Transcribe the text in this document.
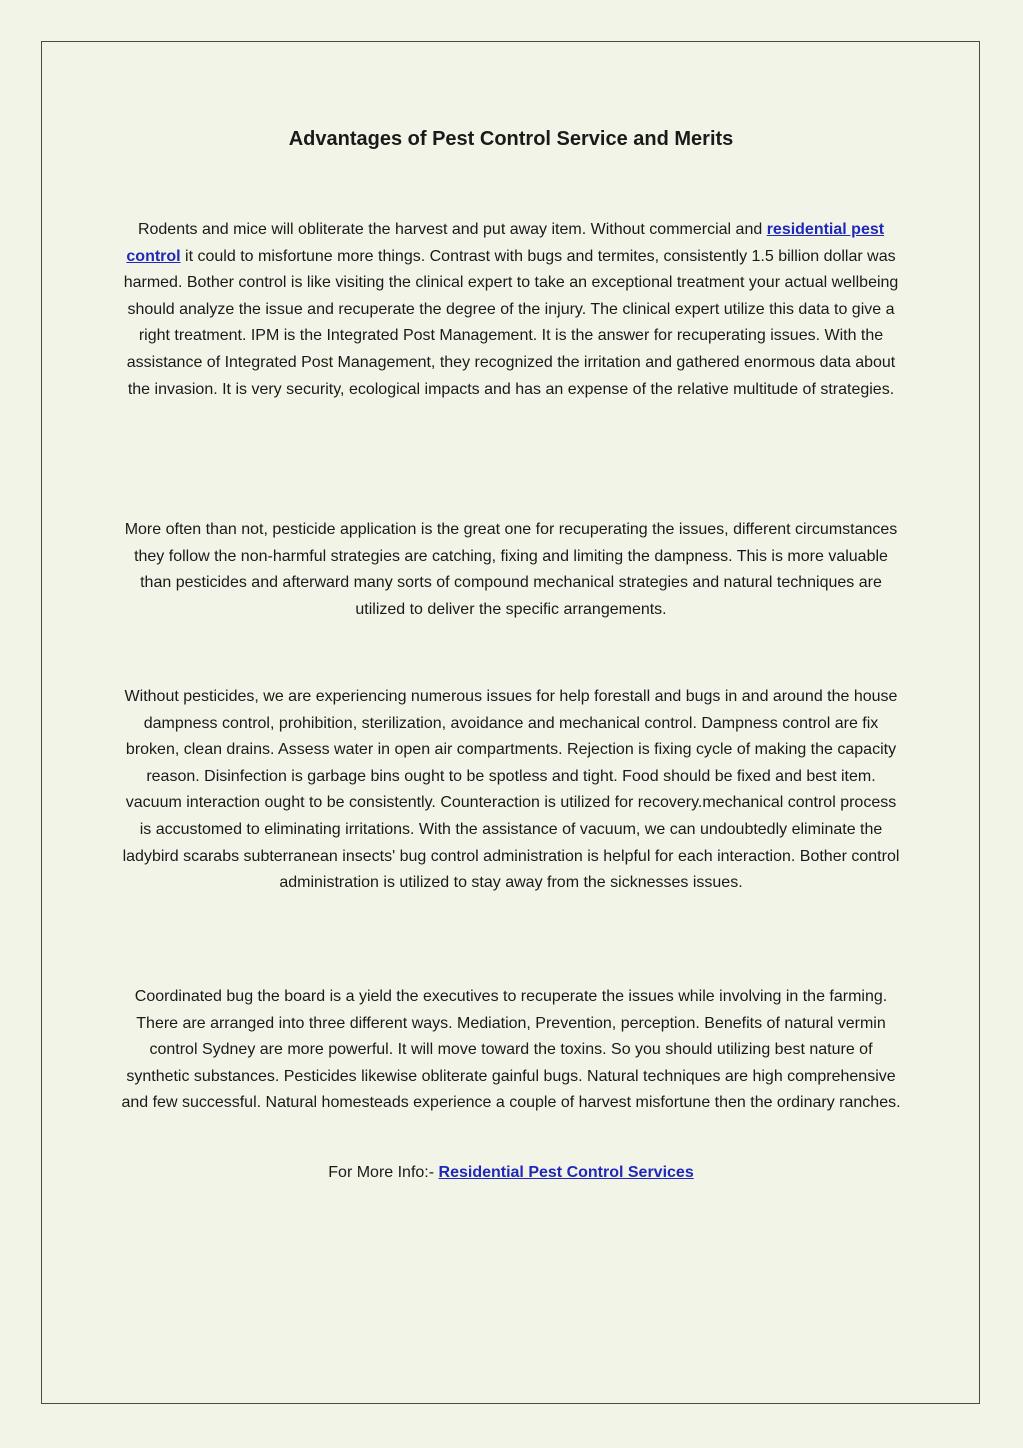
Advantages of Pest Control Service and Merits

Rodents and mice will obliterate the harvest and put away item. Without commercial and residential pest control it could to misfortune more things. Contrast with bugs and termites, consistently 1.5 billion dollar was harmed. Bother control is like visiting the clinical expert to take an exceptional treatment your actual wellbeing should analyze the issue and recuperate the degree of the injury. The clinical expert utilize this data to give a right treatment. IPM is the Integrated Post Management. It is the answer for recuperating issues. With the assistance of Integrated Post Management, they recognized the irritation and gathered enormous data about the invasion. It is very security, ecological impacts and has an expense of the relative multitude of strategies.

More often than not, pesticide application is the great one for recuperating the issues, different circumstances they follow the non-harmful strategies are catching, fixing and limiting the dampness. This is more valuable than pesticides and afterward many sorts of compound mechanical strategies and natural techniques are utilized to deliver the specific arrangements.

Without pesticides, we are experiencing numerous issues for help forestall and bugs in and around the house dampness control, prohibition, sterilization, avoidance and mechanical control. Dampness control are fix broken, clean drains. Assess water in open air compartments. Rejection is fixing cycle of making the capacity reason. Disinfection is garbage bins ought to be spotless and tight. Food should be fixed and best item. vacuum interaction ought to be consistently. Counteraction is utilized for recovery.mechanical control process is accustomed to eliminating irritations. With the assistance of vacuum, we can undoubtedly eliminate the ladybird scarabs subterranean insects' bug control administration is helpful for each interaction. Bother control administration is utilized to stay away from the sicknesses issues.

Coordinated bug the board is a yield the executives to recuperate the issues while involving in the farming. There are arranged into three different ways. Mediation, Prevention, perception. Benefits of natural vermin control Sydney are more powerful. It will move toward the toxins. So you should utilizing best nature of synthetic substances. Pesticides likewise obliterate gainful bugs. Natural techniques are high comprehensive and few successful. Natural homesteads experience a couple of harvest misfortune then the ordinary ranches.

For More Info:- Residential Pest Control Services
